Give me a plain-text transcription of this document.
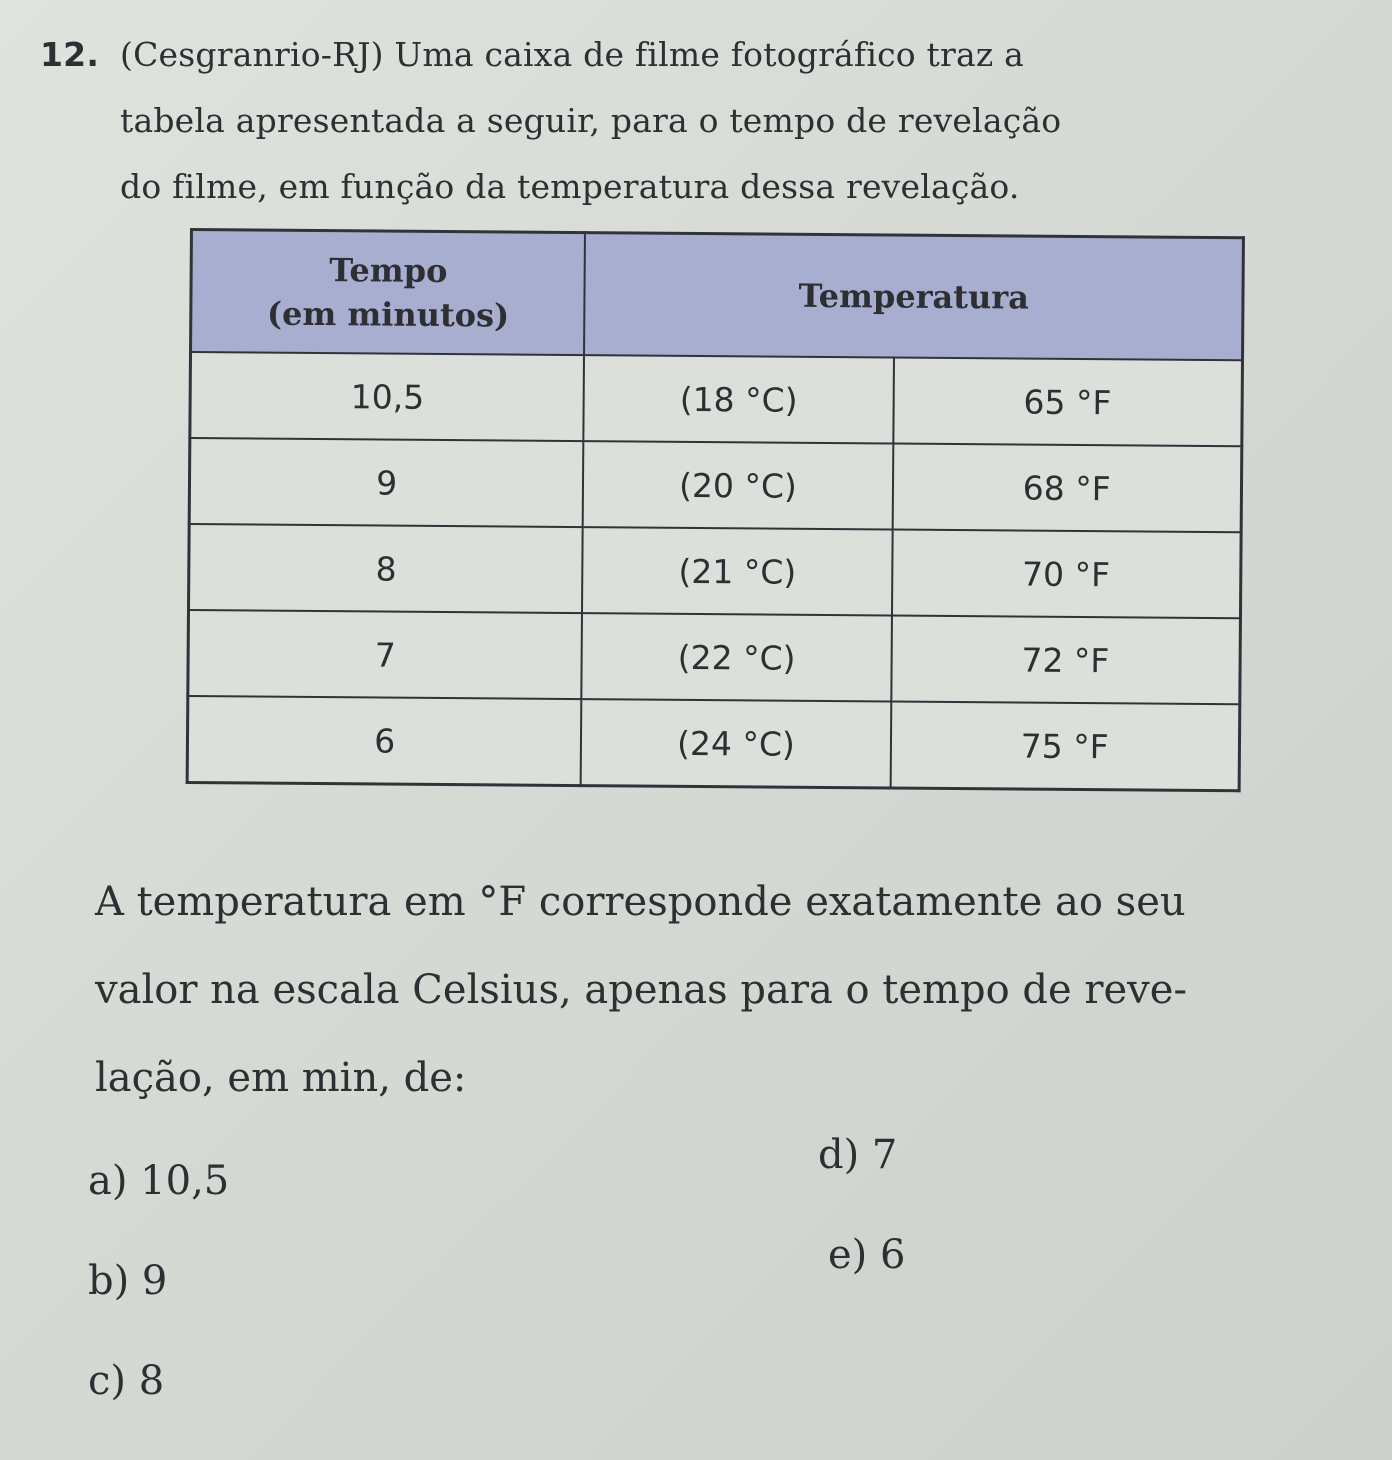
12. (Cesgranrio-RJ) Uma caixa de filme fotográfico traz a
tabela apresentada a seguir, para o tempo de revelação
do filme, em função da temperatura dessa revelação.
Tempo
(em minutos)	Temperatura	
10,5	(18 °C)	65 °F
9	(20 °C)	68 °F
8	(21 °C)	70 °F
7	(22 °C)	72 °F
6	(24 °C)	75 °F
A temperatura em °F corresponde exatamente ao seu
valor na escala Celsius, apenas para o tempo de reve-
lação, em min, de:
a) 10,5
b) 9
c) 8
d) 7
e) 6
